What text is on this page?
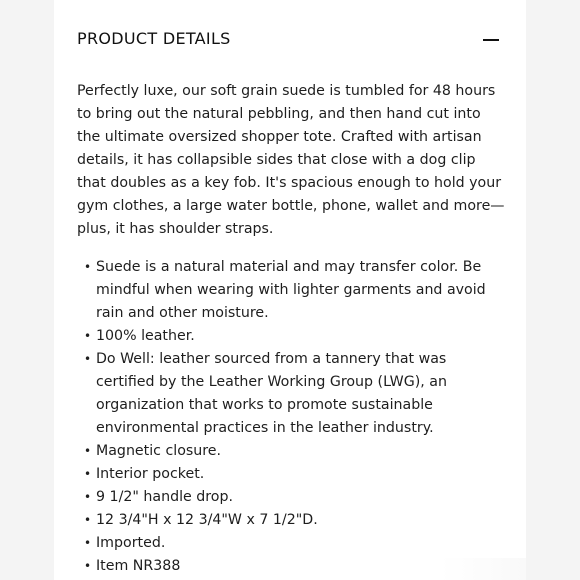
PRODUCT DETAILS

Perfectly luxe, our soft grain suede is tumbled for 48 hours to bring out the natural pebbling, and then hand cut into the ultimate oversized shopper tote. Crafted with artisan details, it has collapsible sides that close with a dog clip that doubles as a key fob. It's spacious enough to hold your gym clothes, a large water bottle, phone, wallet and more—plus, it has shoulder straps.

• Suede is a natural material and may transfer color. Be mindful when wearing with lighter garments and avoid rain and other moisture.
• 100% leather.
• Do Well: leather sourced from a tannery that was certified by the Leather Working Group (LWG), an organization that works to promote sustainable environmental practices in the leather industry.
• Magnetic closure.
• Interior pocket.
• 9 1/2" handle drop.
• 12 3/4"H x 12 3/4"W x 7 1/2"D.
• Imported.
• Item NR388
